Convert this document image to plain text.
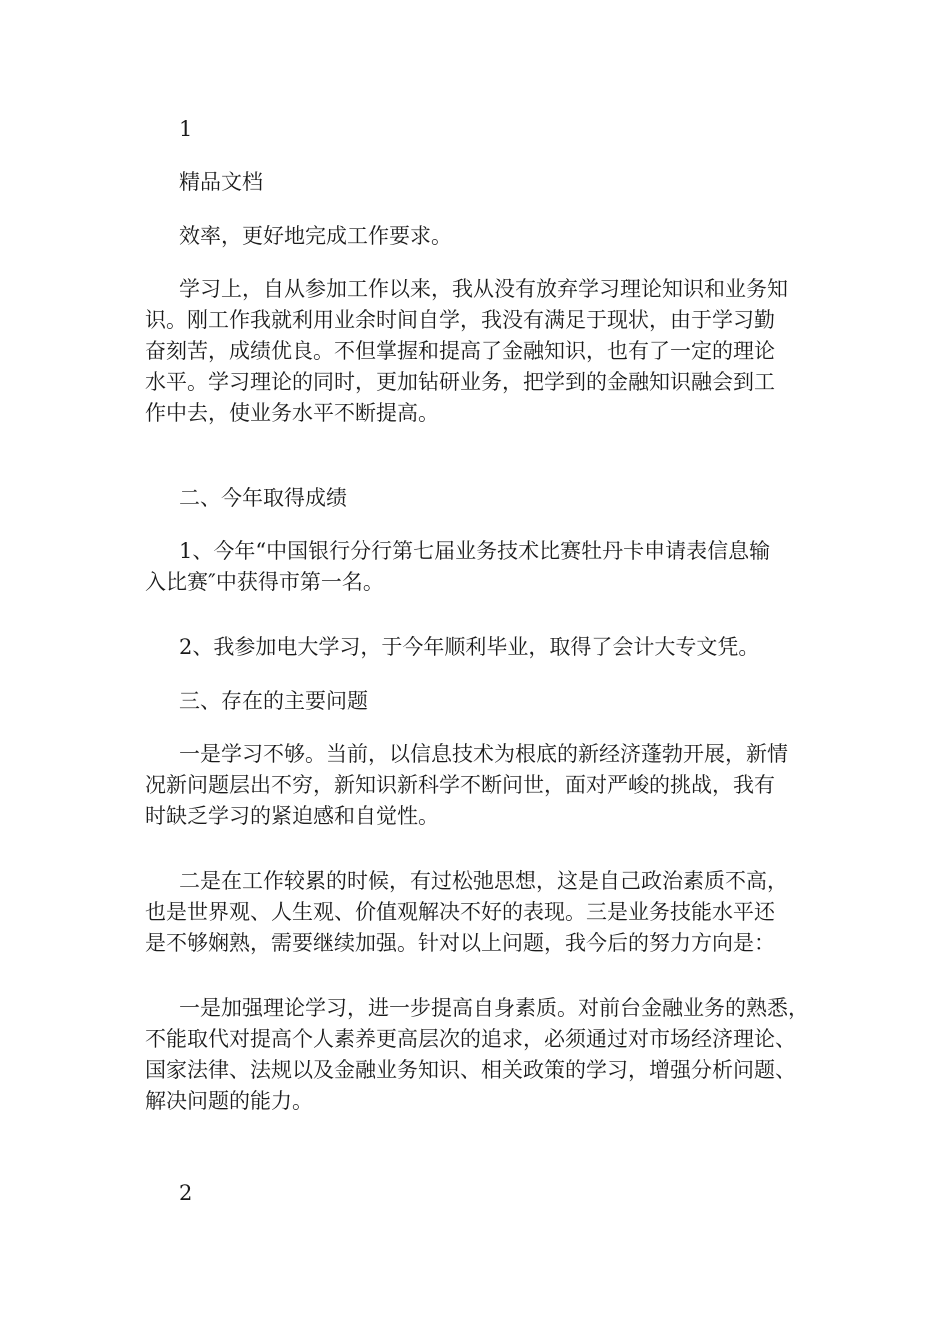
1
精品文档
效率，更好地完成工作要求。
学习上，自从参加工作以来，我从没有放弃学习理论知识和业务知
识。刚工作我就利用业余时间自学，我没有满足于现状，由于学习勤
奋刻苦，成绩优良。不但掌握和提高了金融知识，也有了一定的理论
水平。学习理论的同时，更加钻研业务，把学到的金融知识融会到工
作中去，使业务水平不断提高。
二、今年取得成绩
1、今年“中国银行分行第七届业务技术比赛牡丹卡申请表信息输
入比赛″中获得市第一名。
2、我参加电大学习，于今年顺利毕业，取得了会计大专文凭。
三、存在的主要问题
一是学习不够。当前，以信息技术为根底的新经济蓬勃开展，新情
况新问题层出不穷，新知识新科学不断问世，面对严峻的挑战，我有
时缺乏学习的紧迫感和自觉性。
二是在工作较累的时候，有过松弛思想，这是自己政治素质不高，
也是世界观、人生观、价值观解决不好的表现。三是业务技能水平还
是不够娴熟，需要继续加强。针对以上问题，我今后的努力方向是：
一是加强理论学习，进一步提高自身素质。对前台金融业务的熟悉，
不能取代对提高个人素养更高层次的追求，必须通过对市场经济理论、
国家法律、法规以及金融业务知识、相关政策的学习，增强分析问题、
解决问题的能力。
2
